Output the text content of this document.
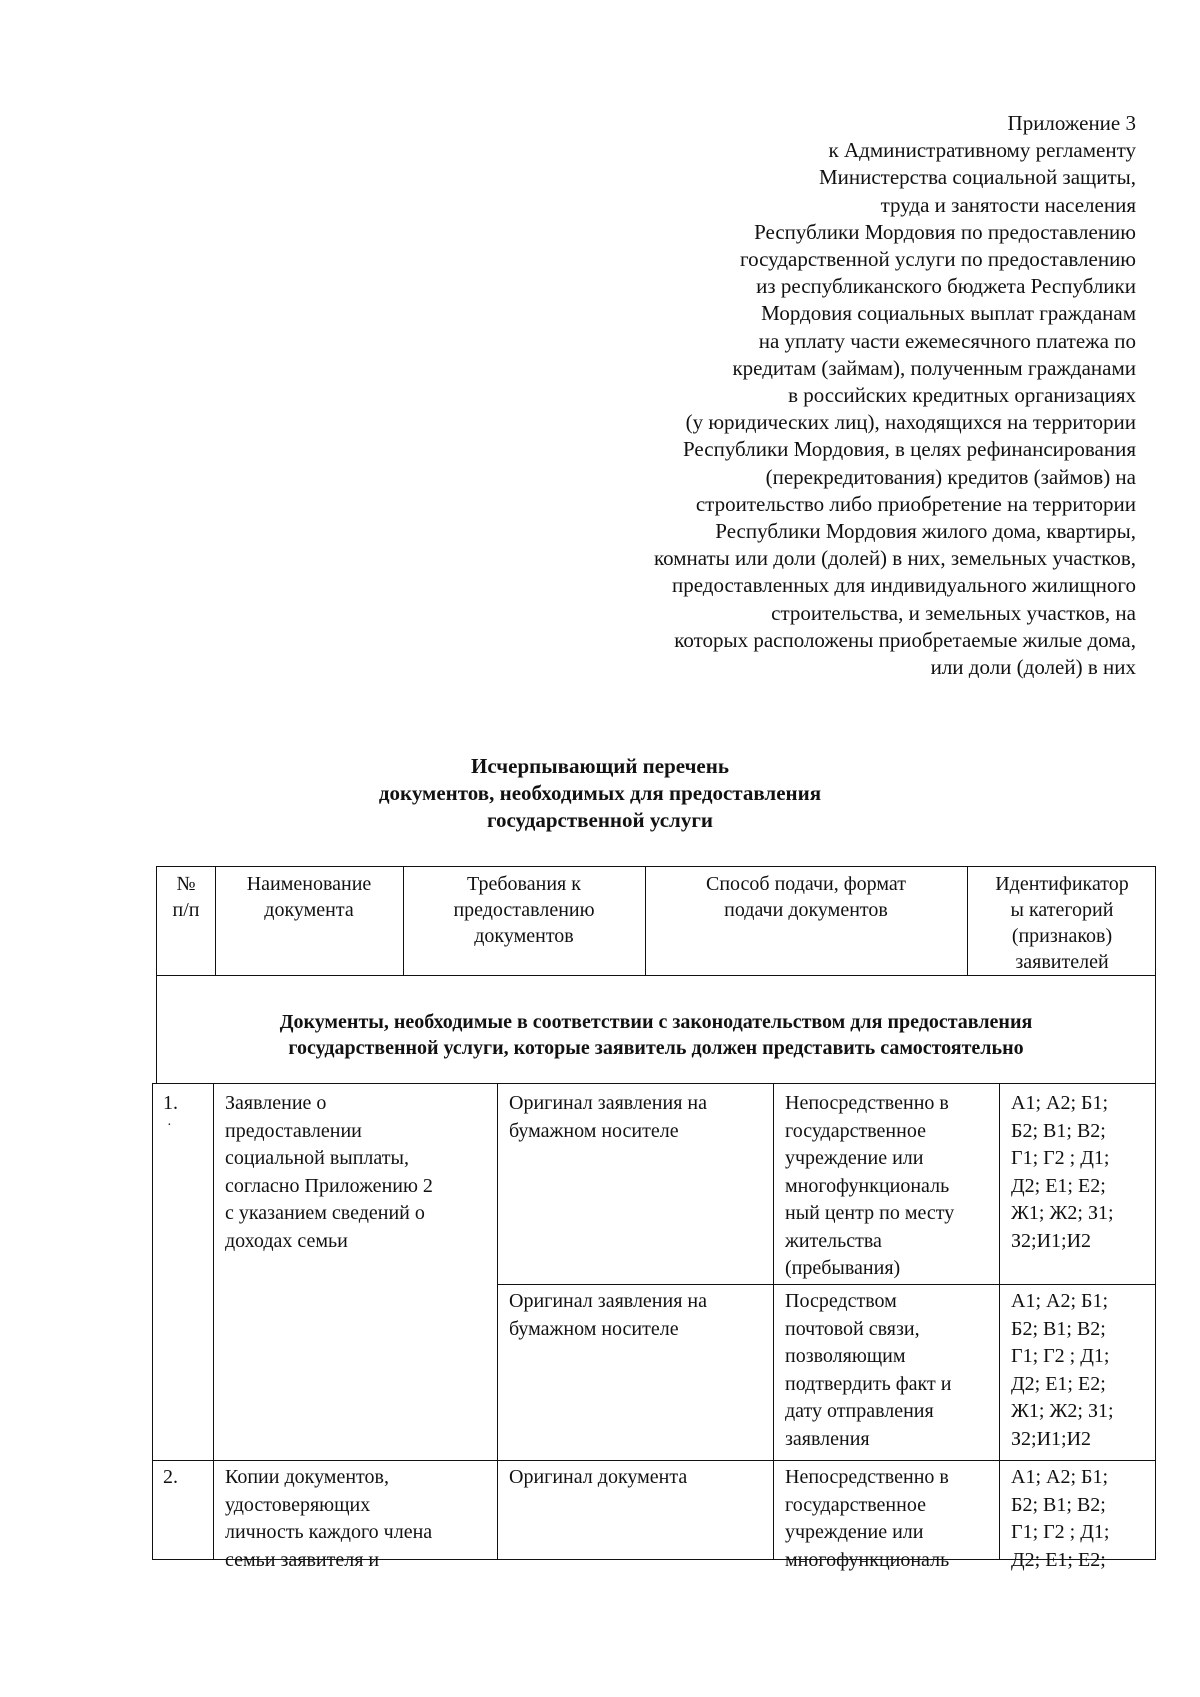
Приложение 3
к Административному регламенту
Министерства социальной защиты,
труда и занятости населения
Республики Мордовия по предоставлению
государственной услуги по предоставлению
из республиканского бюджета Республики
Мордовия социальных выплат гражданам
на уплату части ежемесячного платежа по
кредитам (займам), полученным гражданами
в российских кредитных организациях
(у юридических лиц), находящихся на территории
Республики Мордовия, в целях рефинансирования
(перекредитования) кредитов (займов) на
строительство либо приобретение на территории
Республики Мордовия жилого дома, квартиры,
комнаты или доли (долей) в них, земельных участков,
предоставленных для индивидуального жилищного
строительства, и земельных участков, на
которых расположены приобретаемые жилые дома,
или доли (долей) в них
Исчерпывающий перечень
документов, необходимых для предоставления
государственной услуги
№
п/п
Наименование
документа
Требования к
предоставлению
документов
Способ подачи, формат
подачи документов
Идентификатор
ы категорий
(признаков)
заявителей
Документы, необходимые в соответствии с законодательством для предоставления
государственной услуги, которые заявитель должен представить самостоятельно
1.
·
Заявление о
предоставлении
социальной выплаты,
согласно Приложению 2
с указанием сведений о
доходах семьи
Оригинал заявления на
бумажном носителе
Непосредственно в
государственное
учреждение или
многофункциональ
ный центр по месту
жительства
(пребывания)
А1; А2; Б1;
Б2; В1; В2;
Г1; Г2 ; Д1;
Д2; Е1; Е2;
Ж1; Ж2; З1;
З2;И1;И2
Оригинал заявления на
бумажном носителе
Посредством
почтовой связи,
позволяющим
подтвердить факт и
дату отправления
заявления
А1; А2; Б1;
Б2; В1; В2;
Г1; Г2 ; Д1;
Д2; Е1; Е2;
Ж1; Ж2; З1;
З2;И1;И2
2. Копии документов,
удостоверяющих
личность каждого члена
семьи заявителя и
Оригинал документа	Непосредственно в
государственное
учреждение или
многофункциональ
А1; А2; Б1;
Б2; В1; В2;
Г1; Г2 ; Д1;
Д2; Е1; Е2;
